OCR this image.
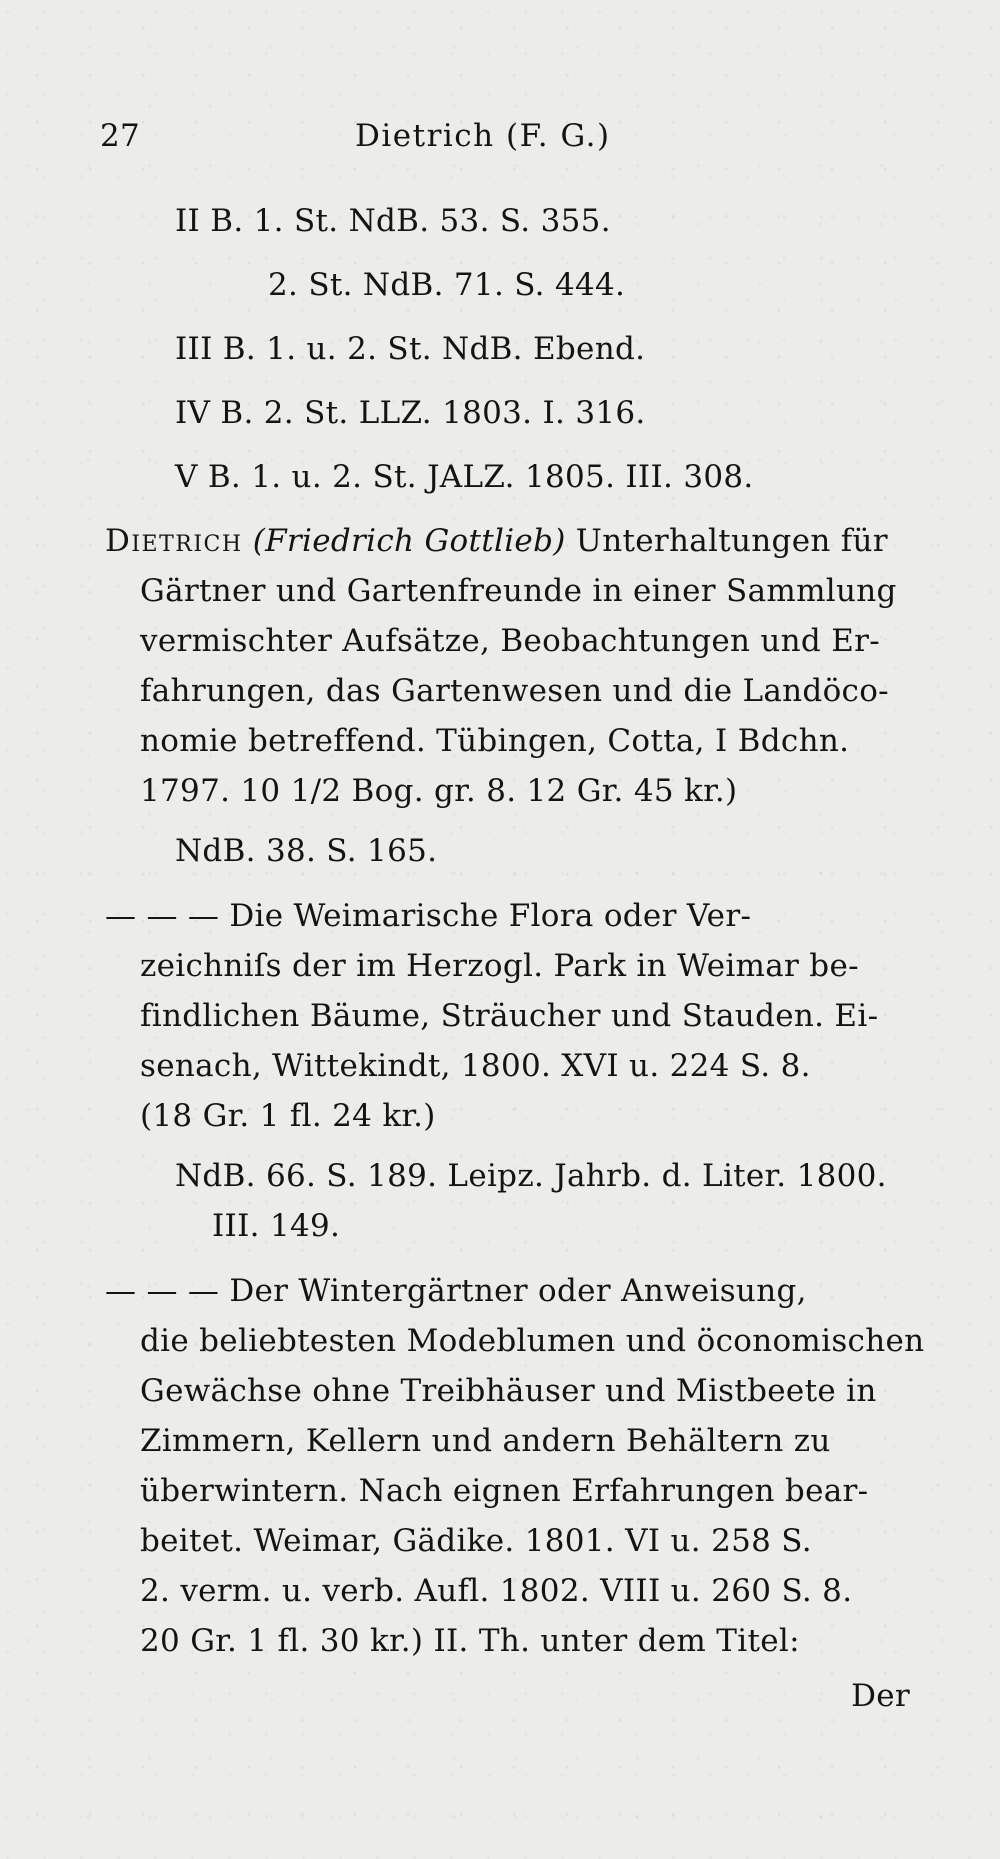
27	Dietrich (F. G.)
II B. 1. St. NdB. 53. S. 355.
2. St. NdB. 71. S. 444.
III B. 1. u. 2. St. NdB. Ebend.
IV B. 2. St. LLZ. 1803. I. 316.
V B. 1. u. 2. St. JALZ. 1805. III. 308.
Dietrich (Friedrich Gottlieb) Unterhaltungen für
Gärtner und Gartenfreunde in einer Sammlung
vermischter Aufsätze, Beobachtungen und Er-
fahrungen, das Gartenwesen und die Landöco-
nomie betreffend. Tübingen, Cotta, I Bdchn.
1797. 10 1/2 Bog. gr. 8. 12 Gr. 45 kr.)
NdB. 38. S. 165.
— — — Die Weimarische Flora oder Ver-
zeichniſs der im Herzogl. Park in Weimar be-
findlichen Bäume, Sträucher und Stauden. Ei-
senach, Wittekindt, 1800. XVI u. 224 S. 8.
(18 Gr. 1 fl. 24 kr.)
NdB. 66. S. 189. Leipz. Jahrb. d. Liter. 1800.
III. 149.
— — — Der Wintergärtner oder Anweisung,
die beliebtesten Modeblumen und öconomischen
Gewächse ohne Treibhäuser und Mistbeete in
Zimmern, Kellern und andern Behältern zu
überwintern. Nach eignen Erfahrungen bear-
beitet. Weimar, Gädike. 1801. VI u. 258 S.
2. verm. u. verb. Aufl. 1802. VIII u. 260 S. 8.
20 Gr. 1 fl. 30 kr.) II. Th. unter dem Titel:
Der
